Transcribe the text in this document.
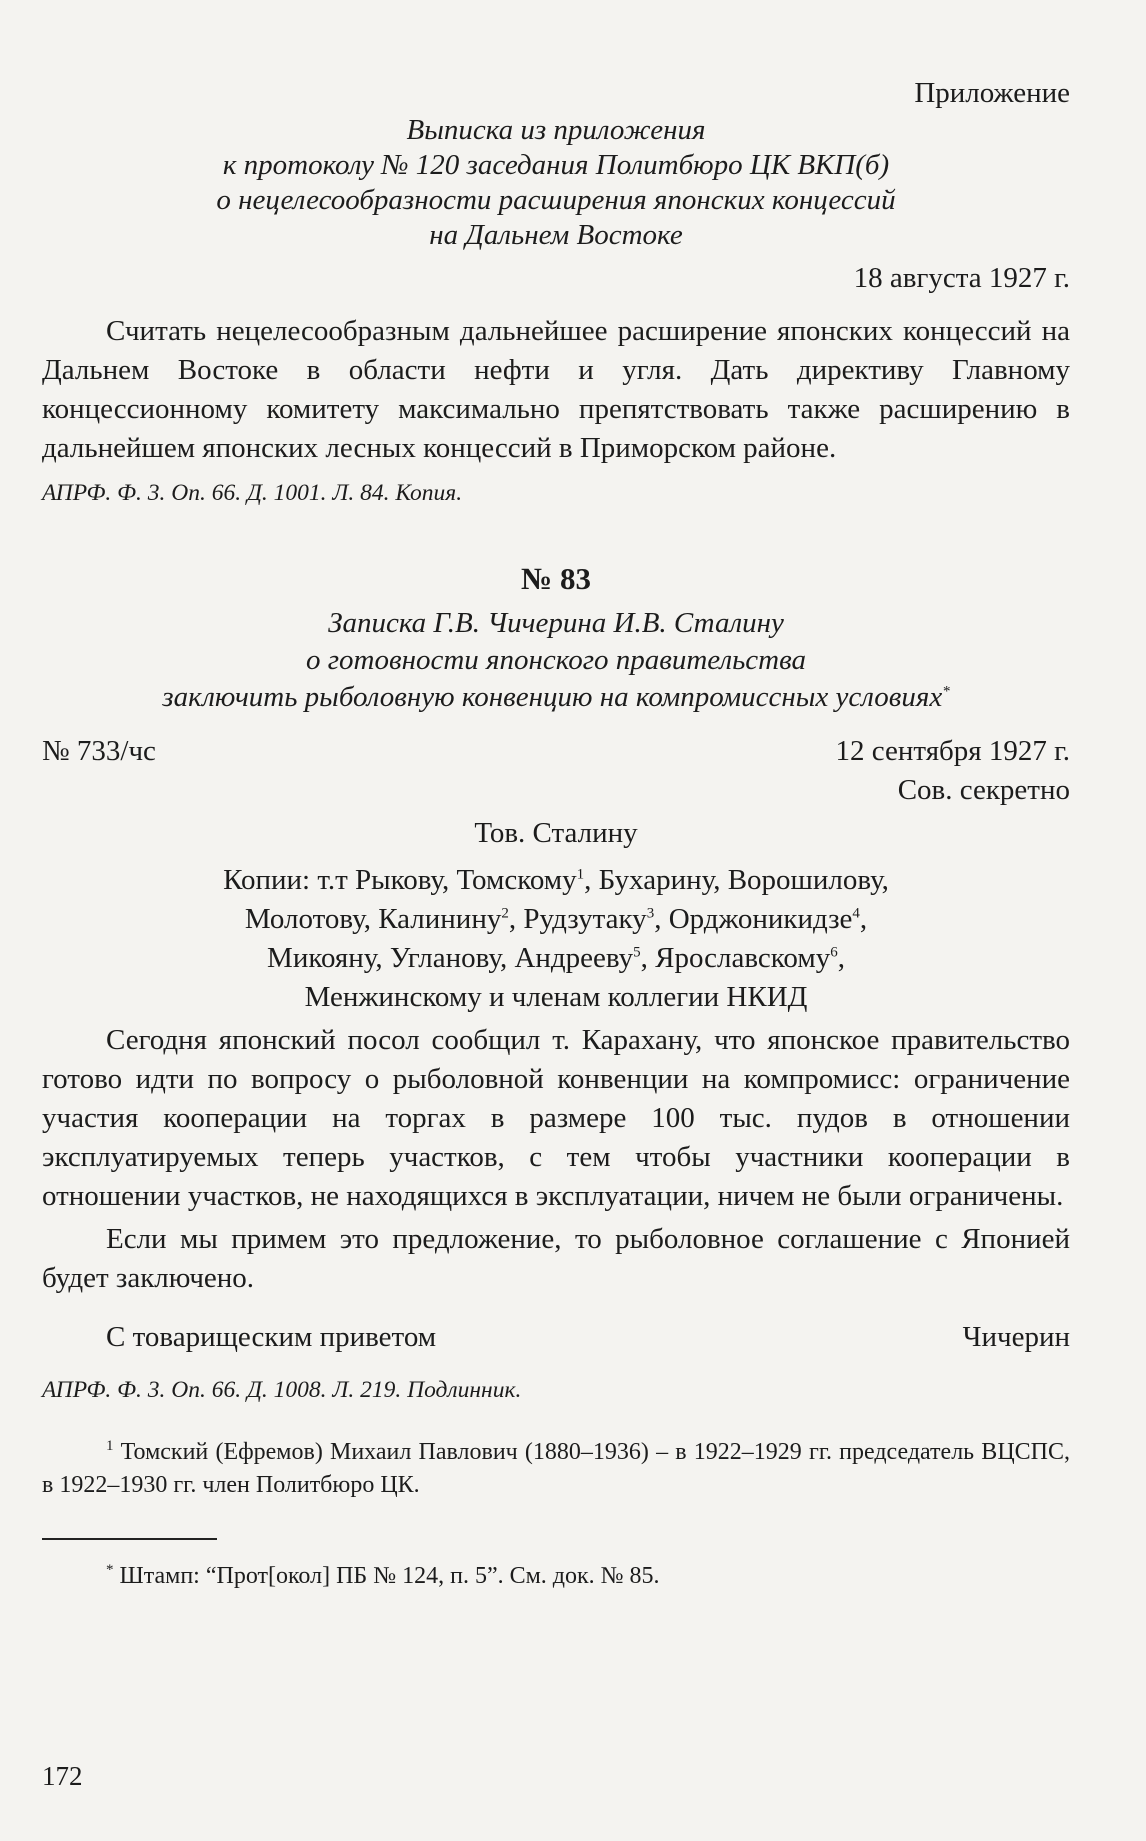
Приложение

Выписка из приложения

к протоколу № 120 заседания Политбюро ЦК ВКП(б)

о нецелесообразности расширения японских концессий

на Дальнем Востоке

18 августа 1927 г.

Считать нецелесообразным дальнейшее расширение японских концессий на Дальнем Востоке в области нефти и угля. Дать директиву Главному концессионному комитету максимально препятствовать также расширению в дальнейшем японских лесных концессий в Приморском районе.

АПРФ. Ф. 3. Оп. 66. Д. 1001. Л. 84. Копия.

№ 83

Записка Г.В. Чичерина И.В. Сталину

о готовности японского правительства

заключить рыболовную конвенцию на компромиссных условиях*

№ 733/чс	12 сентября 1927 г.

Сов. секретно

Тов. Сталину

Копии: т.т Рыкову, Томскому$^1$, Бухарину, Ворошилову,

Молотову, Калинину$^2$, Рудзутаку$^3$, Орджоникидзе$^4$,

Микояну, Угланову, Андрееву$^5$, Ярославскому$^6$,

Менжинскому и членам коллегии НКИД

Сегодня японский посол сообщил т. Карахану, что японское правительство готово идти по вопросу о рыболовной конвенции на компромисс: ограничение участия кооперации на торгах в размере 100 тыс. пудов в отношении эксплуатируемых теперь участков, с тем чтобы участники кооперации в отношении участков, не находящихся в эксплуатации, ничем не были ограничены.

Если мы примем это предложение, то рыболовное соглашение с Японией будет заключено.

С товарищеским приветом	Чичерин

АПРФ. Ф. 3. Оп. 66. Д. 1008. Л. 219. Подлинник.

$^1$ Томский (Ефремов) Михаил Павлович (1880–1936) – в 1922–1929 гг. председатель ВЦСПС, в 1922–1930 гг. член Политбюро ЦК.

* Штамп: “Прот[окол] ПБ № 124, п. 5”. См. док. № 85.

172
